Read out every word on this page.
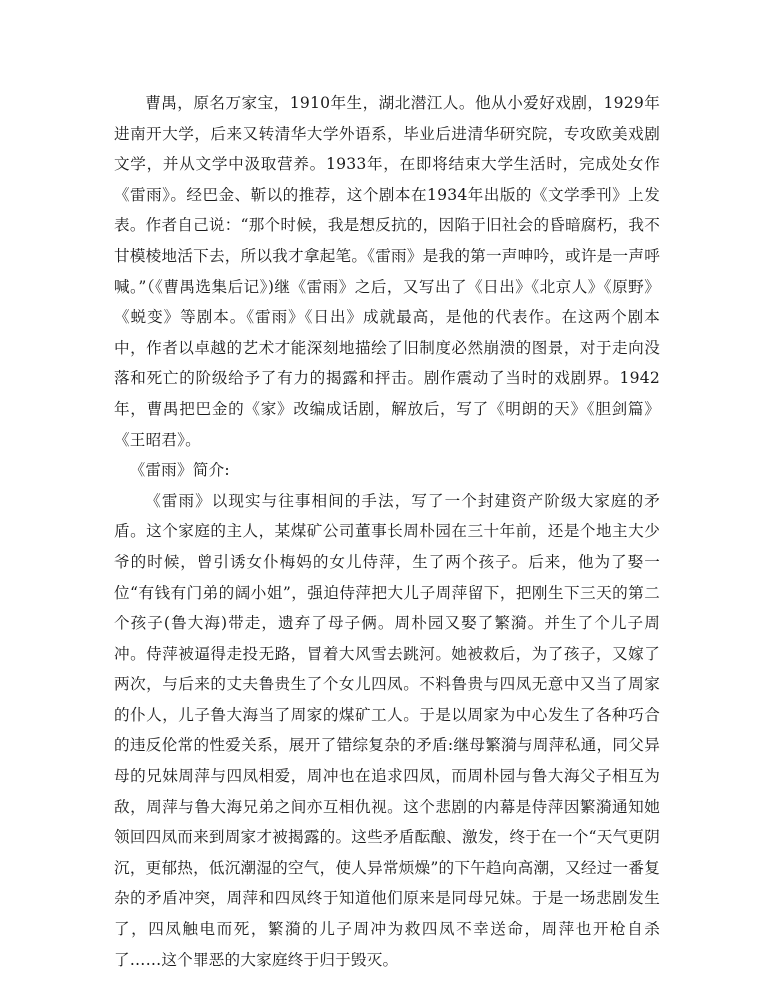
曹禺，原名万家宝，1910年生，湖北潜江人。他从小爱好戏剧，1929年进南开大学，后来又转清华大学外语系，毕业后进清华研究院，专攻欧美戏剧文学，并从文学中汲取营养。1933年，在即将结束大学生活时，完成处女作《雷雨》。经巴金、靳以的推荐，这个剧本在1934年出版的《文学季刊》上发表。作者自己说：“那个时候，我是想反抗的，因陷于旧社会的昏暗腐朽，我不甘模棱地活下去，所以我才拿起笔。《雷雨》是我的第一声呻吟，或许是一声呼喊。”（《曹禺选集后记》)继《雷雨》之后，又写出了《日出》《北京人》《原野》《蜕变》等剧本。《雷雨》《日出》成就最高，是他的代表作。在这两个剧本中，作者以卓越的艺术才能深刻地描绘了旧制度必然崩溃的图景，对于走向没落和死亡的阶级给予了有力的揭露和抨击。剧作震动了当时的戏剧界。1942年，曹禺把巴金的《家》改编成话剧，解放后，写了《明朗的天》《胆剑篇》《王昭君》。

《雷雨》简介:

《雷雨》以现实与往事相间的手法，写了一个封建资产阶级大家庭的矛盾。这个家庭的主人，某煤矿公司董事长周朴园在三十年前，还是个地主大少爷的时候，曾引诱女仆梅妈的女儿侍萍，生了两个孩子。后来，他为了娶一位“有钱有门弟的阔小姐”，强迫侍萍把大儿子周萍留下，把刚生下三天的第二个孩子(鲁大海)带走，遗弃了母子俩。周朴园又娶了繁漪。并生了个儿子周冲。侍萍被逼得走投无路，冒着大风雪去跳河。她被救后，为了孩子，又嫁了两次，与后来的丈夫鲁贵生了个女儿四凤。不料鲁贵与四凤无意中又当了周家的仆人，儿子鲁大海当了周家的煤矿工人。于是以周家为中心发生了各种巧合的违反伦常的性爱关系，展开了错综复杂的矛盾:继母繁漪与周萍私通，同父异母的兄妹周萍与四凤相爱，周冲也在追求四凤，而周朴园与鲁大海父子相互为敌，周萍与鲁大海兄弟之间亦互相仇视。这个悲剧的内幕是侍萍因繁漪通知她领回四凤而来到周家才被揭露的。这些矛盾酝酿、激发，终于在一个“天气更阴沉，更郁热，低沉潮湿的空气，使人异常烦燥”的下午趋向高潮，又经过一番复杂的矛盾冲突，周萍和四凤终于知道他们原来是同母兄妹。于是一场悲剧发生了，四凤触电而死，繁漪的儿子周冲为救四凤不幸送命，周萍也开枪自杀了……这个罪恶的大家庭终于归于毁灭。
